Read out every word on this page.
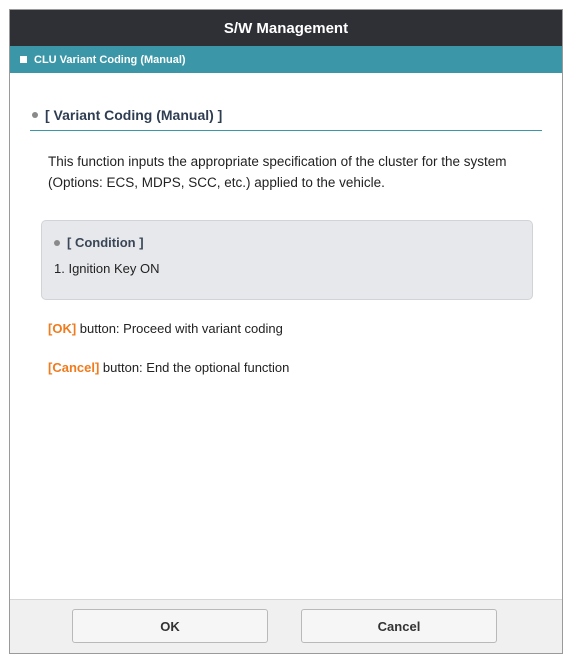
S/W Management
CLU Variant Coding (Manual)
[ Variant Coding (Manual) ]
This function inputs the appropriate specification of the cluster for the system (Options: ECS, MDPS, SCC, etc.) applied to the vehicle.
[ Condition ]
1. Ignition Key ON
[OK] button: Proceed with variant coding
[Cancel] button: End the optional function
OK	Cancel
